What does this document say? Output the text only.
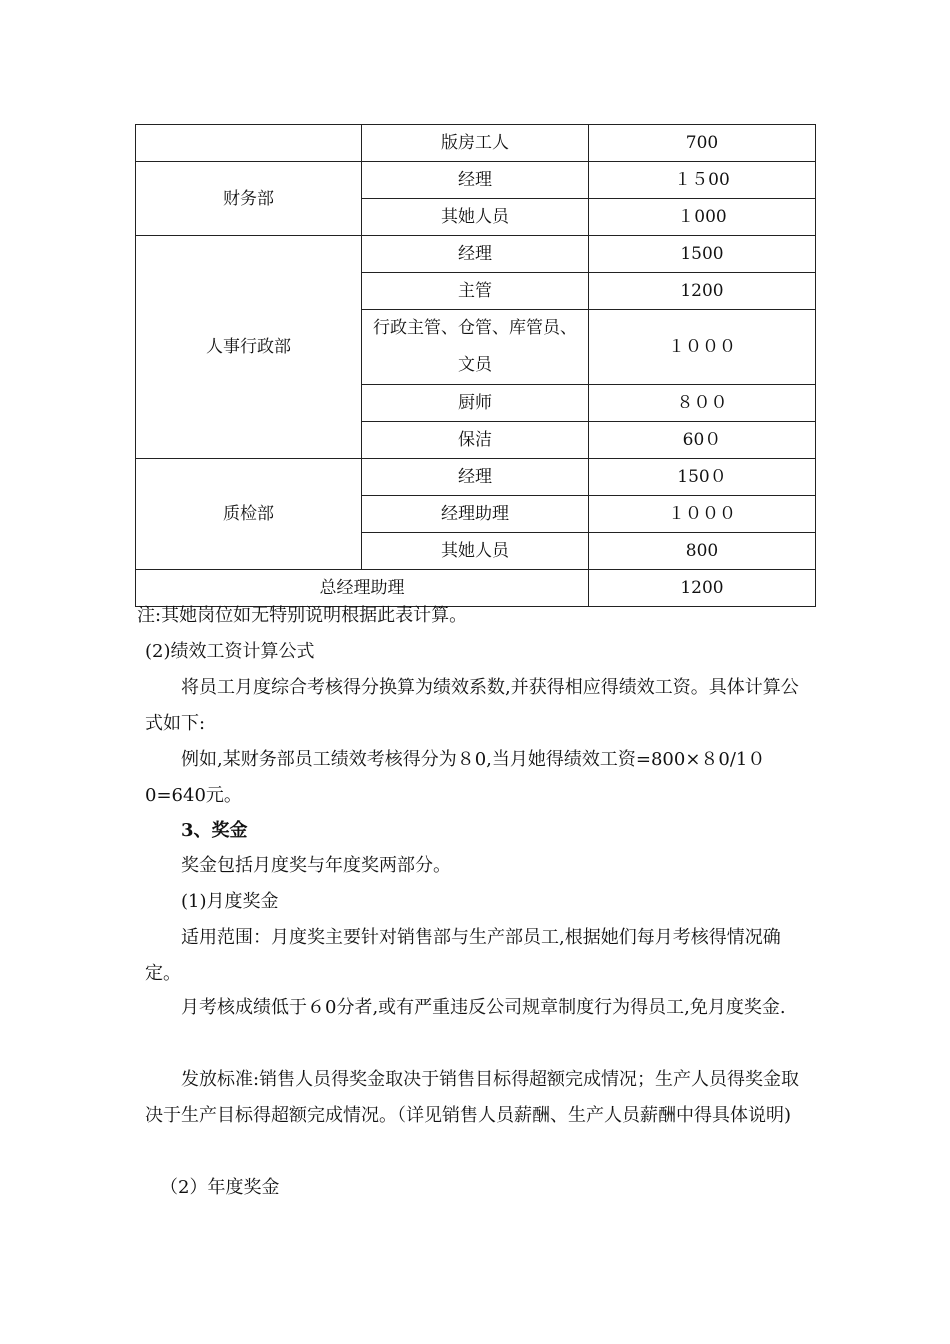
	版房工人	700
财务部	经理	１５00
	其她人员	１000
人事行政部	经理	1500
	主管	1200
	行政主管、仓管、库管员、文员	１０００
	厨师	８００
	保洁	60０
质检部	经理	150０
	经理助理	１０００
	其她人员	800
总经理助理		1200

注:其她岗位如无特别说明根据此表计算。

(2)绩效工资计算公式

将员工月度综合考核得分换算为绩效系数,并获得相应得绩效工资。具体计算公式如下:

例如,某财务部员工绩效考核得分为８0,当月她得绩效工资=800×８0/1０0=640元。

3、奖金

奖金包括月度奖与年度奖两部分。

(1)月度奖金

适用范围：月度奖主要针对销售部与生产部员工,根据她们每月考核得情况确定。

月考核成绩低于６0分者,或有严重违反公司规章制度行为得员工,免月度奖金.

发放标准:销售人员得奖金取决于销售目标得超额完成情况；生产人员得奖金取决于生产目标得超额完成情况。（详见销售人员薪酬、生产人员薪酬中得具体说明)

（2）年度奖金
